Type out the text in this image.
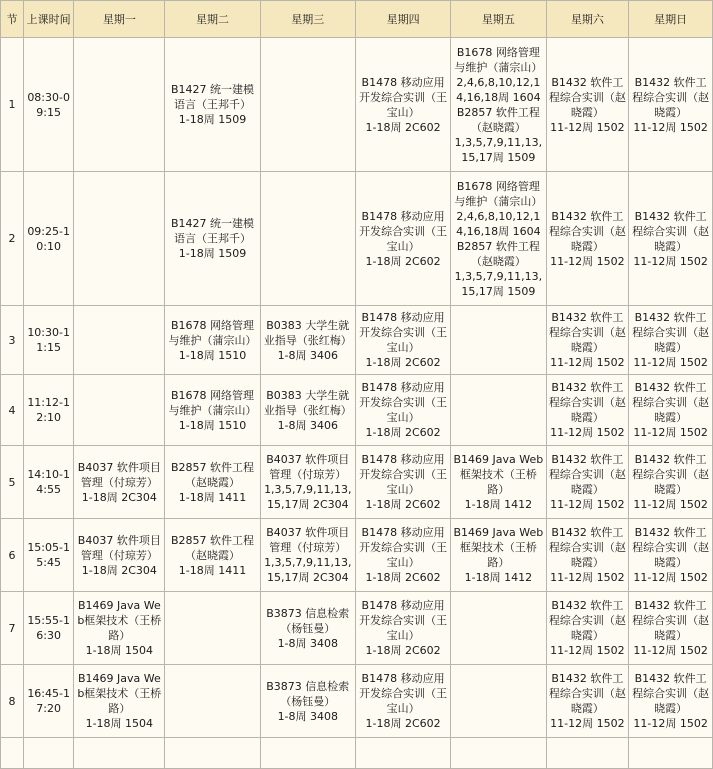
节	上课时间	星期一	星期二	星期三	星期四	星期五	星期六	星期日
1	08:30-09:15		B1427 统一建模语言（王邦千）
1-18周 1509		B1478 移动应用开发综合实训（王宝山）
1-18周 2C602	B1678 网络管理与维护（蒲宗山）
2,4,6,8,10,12,14,16,18周 1604
B2857 软件工程（赵晓霞）
1,3,5,7,9,11,13,15,17周 1509	B1432 软件工程综合实训（赵晓霞）
11-12周 1502	B1432 软件工程综合实训（赵晓霞）
11-12周 1502

2	09:25-10:10		B1427 统一建模语言（王邦千）
1-18周 1509		B1478 移动应用开发综合实训（王宝山）
1-18周 2C602	B1678 网络管理与维护（蒲宗山）
2,4,6,8,10,12,14,16,18周 1604
B2857 软件工程（赵晓霞）
1,3,5,7,9,11,13,15,17周 1509	B1432 软件工程综合实训（赵晓霞）
11-12周 1502	B1432 软件工程综合实训（赵晓霞）
11-12周 1502

3	10:30-11:15		B1678 网络管理与维护（蒲宗山）
1-18周 1510	B0383 大学生就业指导（张红梅）
1-8周 3406	B1478 移动应用开发综合实训（王宝山）
1-18周 2C602		B1432 软件工程综合实训（赵晓霞）
11-12周 1502	B1432 软件工程综合实训（赵晓霞）
11-12周 1502

4	11:12-12:10		B1678 网络管理与维护（蒲宗山）
1-18周 1510	B0383 大学生就业指导（张红梅）
1-8周 3406	B1478 移动应用开发综合实训（王宝山）
1-18周 2C602		B1432 软件工程综合实训（赵晓霞）
11-12周 1502	B1432 软件工程综合实训（赵晓霞）
11-12周 1502

5	14:10-14:55	B4037 软件项目管理（付琼芳）
1-18周 2C304	B2857 软件工程（赵晓霞）
1-18周 1411	B4037 软件项目管理（付琼芳）
1,3,5,7,9,11,13,15,17周 2C304	B1478 移动应用开发综合实训（王宝山）
1-18周 2C602	B1469 Java Web框架技术（王桥路）
1-18周 1412	B1432 软件工程综合实训（赵晓霞）
11-12周 1502	B1432 软件工程综合实训（赵晓霞）
11-12周 1502

6	15:05-15:45	B4037 软件项目管理（付琼芳）
1-18周 2C304	B2857 软件工程（赵晓霞）
1-18周 1411	B4037 软件项目管理（付琼芳）
1,3,5,7,9,11,13,15,17周 2C304	B1478 移动应用开发综合实训（王宝山）
1-18周 2C602	B1469 Java Web框架技术（王桥路）
1-18周 1412	B1432 软件工程综合实训（赵晓霞）
11-12周 1502	B1432 软件工程综合实训（赵晓霞）
11-12周 1502

7	15:55-16:30	B1469 Java Web框架技术（王桥路）
1-18周 1504		B3873 信息检索（杨钰曼）
1-8周 3408	B1478 移动应用开发综合实训（王宝山）
1-18周 2C602		B1432 软件工程综合实训（赵晓霞）
11-12周 1502	B1432 软件工程综合实训（赵晓霞）
11-12周 1502

8	16:45-17:20	B1469 Java Web框架技术（王桥路）
1-18周 1504		B3873 信息检索（杨钰曼）
1-8周 3408	B1478 移动应用开发综合实训（王宝山）
1-18周 2C602		B1432 软件工程综合实训（赵晓霞）
11-12周 1502	B1432 软件工程综合实训（赵晓霞）
11-12周 1502
